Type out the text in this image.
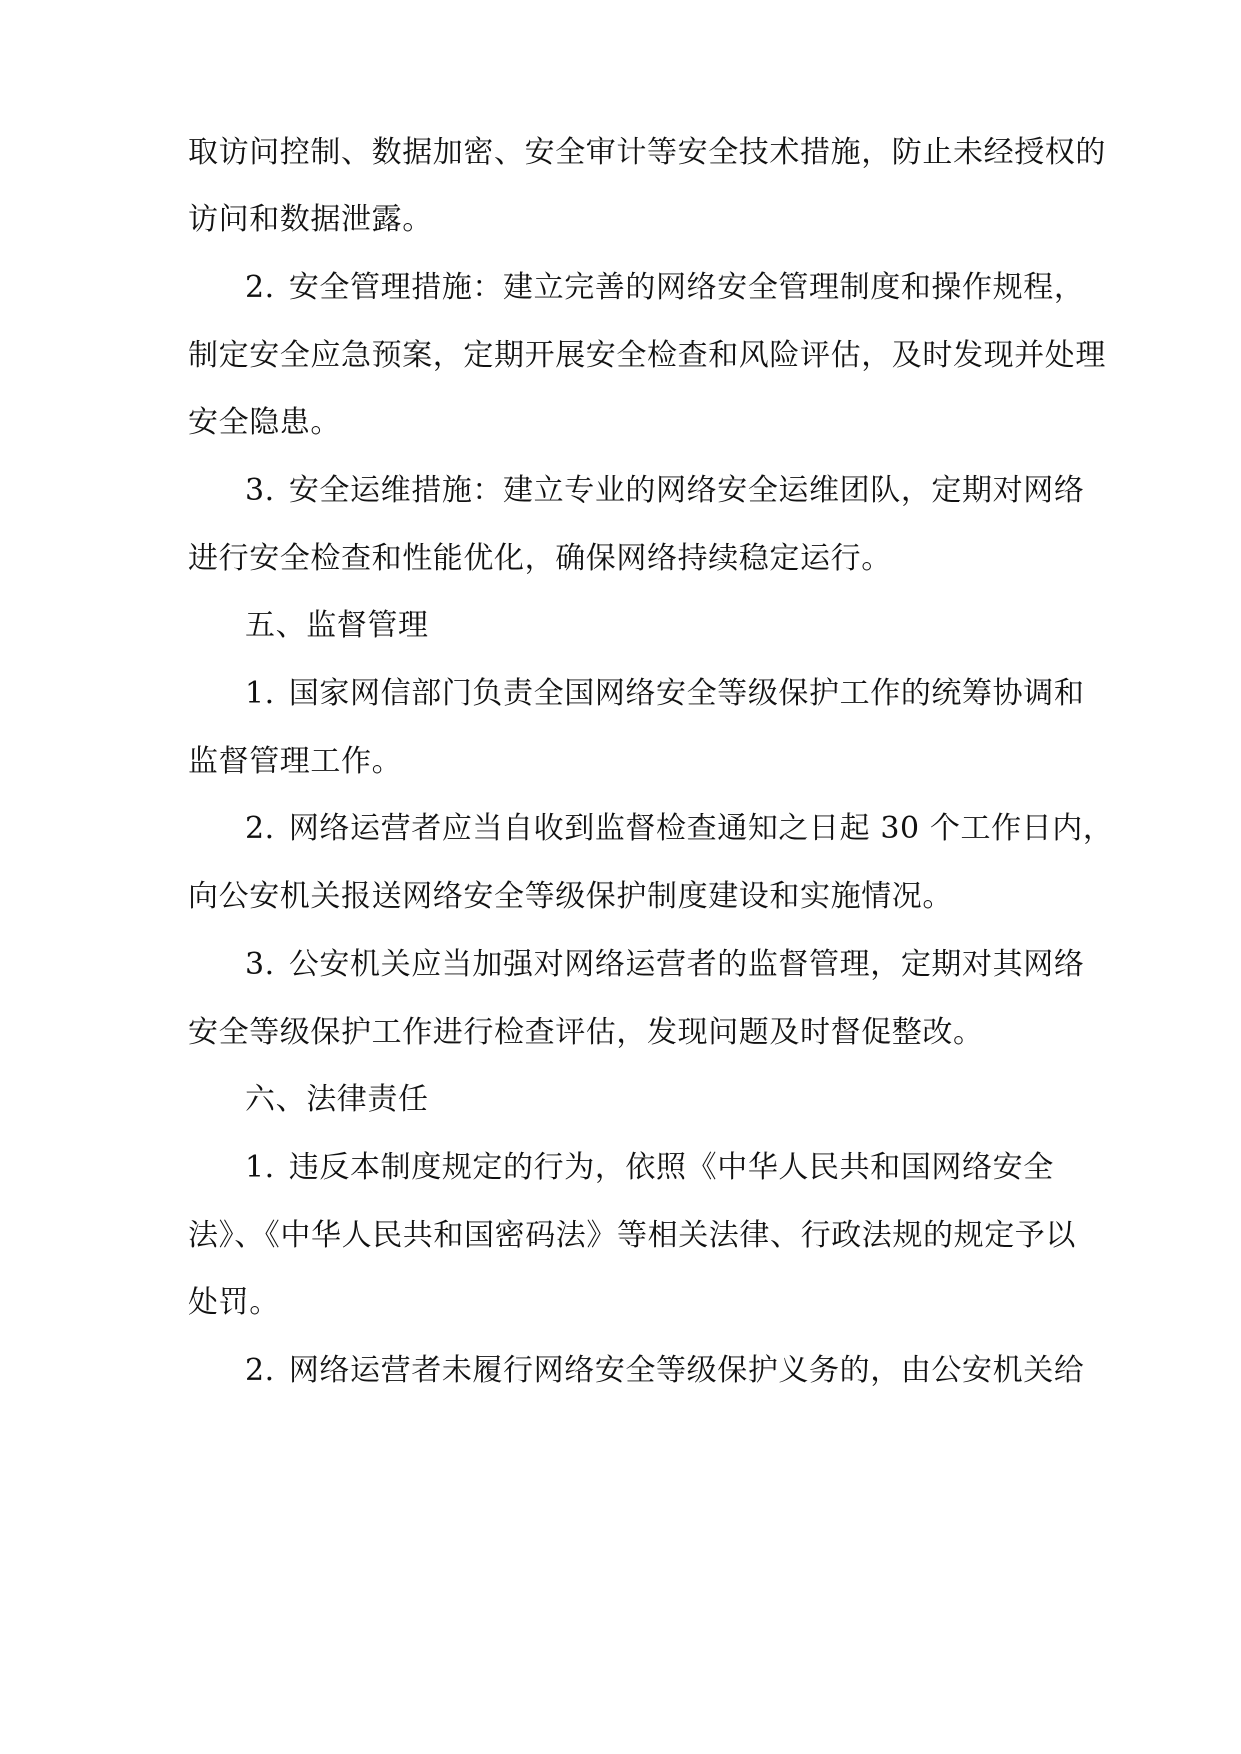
取访问控制、数据加密、安全审计等安全技术措施，防止未经授权的
访问和数据泄露。
2. 安全管理措施：建立完善的网络安全管理制度和操作规程，
制定安全应急预案，定期开展安全检查和风险评估，及时发现并处理
安全隐患。
3. 安全运维措施：建立专业的网络安全运维团队，定期对网络
进行安全检查和性能优化，确保网络持续稳定运行。
五、监督管理
1. 国家网信部门负责全国网络安全等级保护工作的统筹协调和
监督管理工作。
2. 网络运营者应当自收到监督检查通知之日起 30 个工作日内，
向公安机关报送网络安全等级保护制度建设和实施情况。
3. 公安机关应当加强对网络运营者的监督管理，定期对其网络
安全等级保护工作进行检查评估，发现问题及时督促整改。
六、法律责任
1. 违反本制度规定的行为，依照《中华人民共和国网络安全
法》、《中华人民共和国密码法》等相关法律、行政法规的规定予以
处罚。
2. 网络运营者未履行网络安全等级保护义务的，由公安机关给
